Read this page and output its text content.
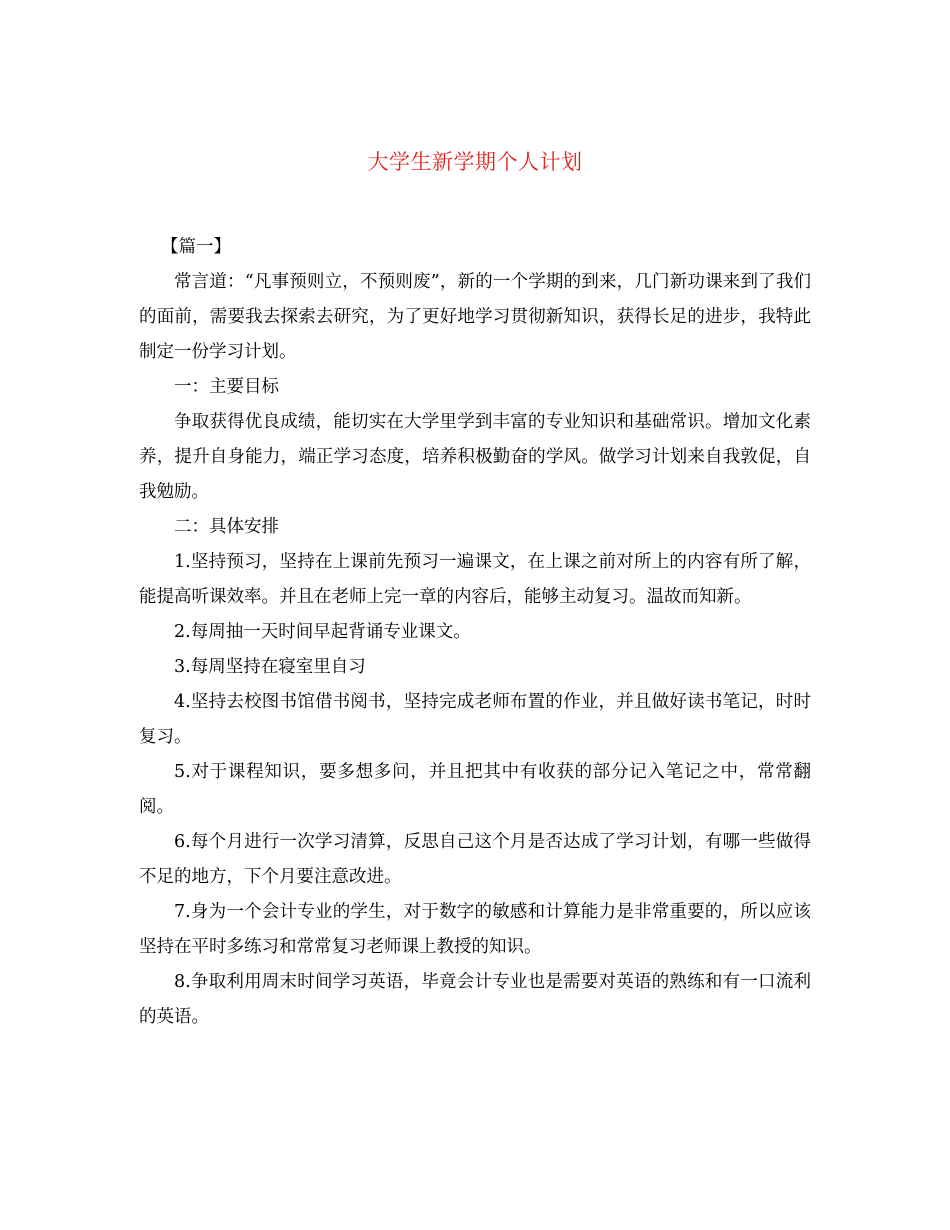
大学生新学期个人计划

【篇一】

常言道：“凡事预则立，不预则废”，新的一个学期的到来，几门新功课来到了我们的面前，需要我去探索去研究，为了更好地学习贯彻新知识，获得长足的进步，我特此制定一份学习计划。

一：主要目标

争取获得优良成绩，能切实在大学里学到丰富的专业知识和基础常识。增加文化素养，提升自身能力，端正学习态度，培养积极勤奋的学风。做学习计划来自我敦促，自我勉励。

二：具体安排

1.坚持预习，坚持在上课前先预习一遍课文，在上课之前对所上的内容有所了解，能提高听课效率。并且在老师上完一章的内容后，能够主动复习。温故而知新。

2.每周抽一天时间早起背诵专业课文。

3.每周坚持在寝室里自习

4.坚持去校图书馆借书阅书，坚持完成老师布置的作业，并且做好读书笔记，时时复习。

5.对于课程知识，要多想多问，并且把其中有收获的部分记入笔记之中，常常翻阅。

6.每个月进行一次学习清算，反思自己这个月是否达成了学习计划，有哪一些做得不足的地方，下个月要注意改进。

7.身为一个会计专业的学生，对于数字的敏感和计算能力是非常重要的，所以应该坚持在平时多练习和常常复习老师课上教授的知识。

8.争取利用周末时间学习英语，毕竟会计专业也是需要对英语的熟练和有一口流利的英语。
